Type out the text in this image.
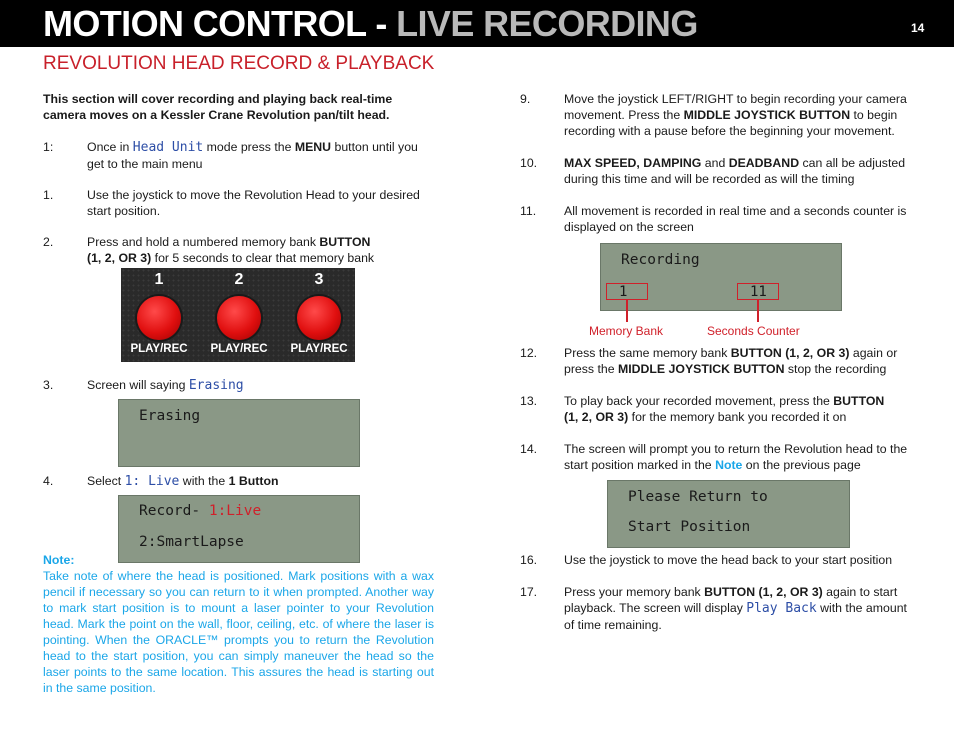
MOTION CONTROL - LIVE RECORDING	14
REVOLUTION HEAD RECORD & PLAYBACK
This section will cover recording and playing back real-time camera moves on a Kessler Crane Revolution pan/tilt head.
1:	Once in Head Unit mode press the MENU button until you get to the main menu
1.	Use the joystick to move the Revolution Head to your desired start position.
2.	Press and hold a numbered memory bank BUTTON
(1, 2, OR 3) for 5 seconds to clear that memory bank
1	2	3
PLAY/REC	PLAY/REC	PLAY/REC
3.	Screen will saying Erasing
Erasing
4.	Select 1: Live with the 1 Button
Record- 1:Live
2:SmartLapse
Note:
Take note of where the head is positioned. Mark positions with a wax pencil if necessary so you can return to it when prompted. Another way to mark start position is to mount a laser pointer to your Revolution head. Mark the point on the wall, floor, ceiling, etc. of where the laser is pointing. When the ORACLE™ prompts you to return the Revolution head to the start position, you can simply maneuver the head so the laser points to the same location. This assures the head is starting out in the same position.
9.	Move the joystick LEFT/RIGHT to begin recording your camera movement. Press the MIDDLE JOYSTICK BUTTON to begin recording with a pause before the beginning your movement.
10. MAX SPEED, DAMPING and DEADBAND can all be adjusted during this time and will be recorded as will the timing
11. All movement is recorded in real time and a seconds counter is displayed on the screen
Recording
1	11
Memory Bank	Seconds Counter
12. Press the same memory bank BUTTON (1, 2, OR 3) again or press the MIDDLE JOYSTICK BUTTON stop the recording
13. To play back your recorded movement, press the BUTTON
(1, 2, OR 3) for the memory bank you recorded it on
14. The screen will prompt you to return the Revolution head to the start position marked in the Note on the previous page
Please Return to
Start Position
16. Use the joystick to move the head back to your start position
17. Press your memory bank BUTTON (1, 2, OR 3) again to start playback. The screen will display Play Back with the amount of time remaining.
